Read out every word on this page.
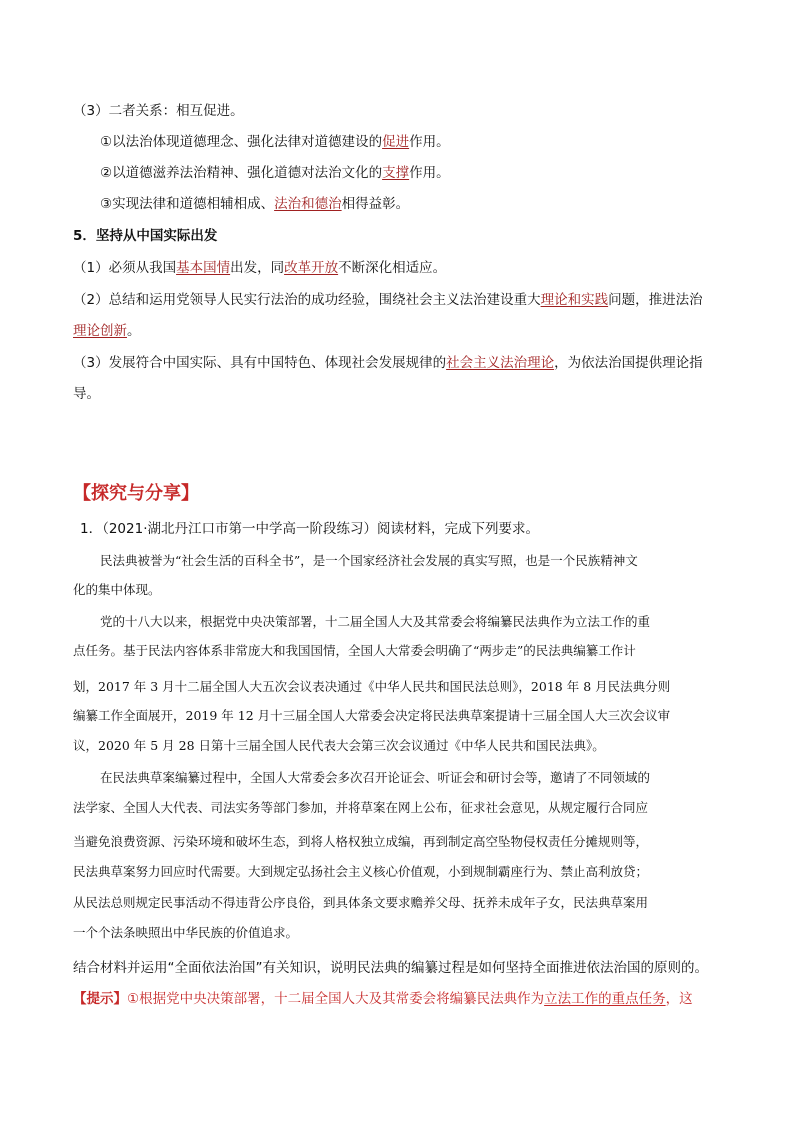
（3）二者关系：相互促进。
①以法治体现道德理念、强化法律对道德建设的促进作用。
②以道德滋养法治精神、强化道德对法治文化的支撑作用。
③实现法律和道德相辅相成、法治和德治相得益彰。
5．坚持从中国实际出发
（1）必须从我国基本国情出发，同改革开放不断深化相适应。
（2）总结和运用党领导人民实行法治的成功经验，围绕社会主义法治建设重大理论和实践问题，推进法治
理论创新。
（3）发展符合中国实际、具有中国特色、体现社会发展规律的社会主义法治理论，为依法治国提供理论指
导。
【探究与分享】
1．（2021·湖北丹江口市第一中学高一阶段练习）阅读材料，完成下列要求。
民法典被誉为“社会生活的百科全书”，是一个国家经济社会发展的真实写照，也是一个民族精神文
化的集中体现。
党的十八大以来，根据党中央决策部署，十二届全国人大及其常委会将编纂民法典作为立法工作的重
点任务。基于民法内容体系非常庞大和我国国情，全国人大常委会明确了“两步走”的民法典编纂工作计
划，2017 年 3 月十二届全国人大五次会议表决通过《中华人民共和国民法总则》，2018 年 8 月民法典分则
编纂工作全面展开，2019 年 12 月十三届全国人大常委会决定将民法典草案提请十三届全国人大三次会议审
议，2020 年 5 月 28 日第十三届全国人民代表大会第三次会议通过《中华人民共和国民法典》。
在民法典草案编纂过程中，全国人大常委会多次召开论证会、听证会和研讨会等，邀请了不同领域的
法学家、全国人大代表、司法实务等部门参加，并将草案在网上公布，征求社会意见，从规定履行合同应
当避免浪费资源、污染环境和破坏生态，到将人格权独立成编，再到制定高空坠物侵权责任分摊规则等，
民法典草案努力回应时代需要。大到规定弘扬社会主义核心价值观，小到规制霸座行为、禁止高利放贷；
从民法总则规定民事活动不得违背公序良俗，到具体条文要求赡养父母、抚养未成年子女，民法典草案用
一个个法条映照出中华民族的价值追求。
结合材料并运用“全面依法治国”有关知识，说明民法典的编纂过程是如何坚持全面推进依法治国的原则的。
【提示】①根据党中央决策部署，十二届全国人大及其常委会将编纂民法典作为立法工作的重点任务，这
